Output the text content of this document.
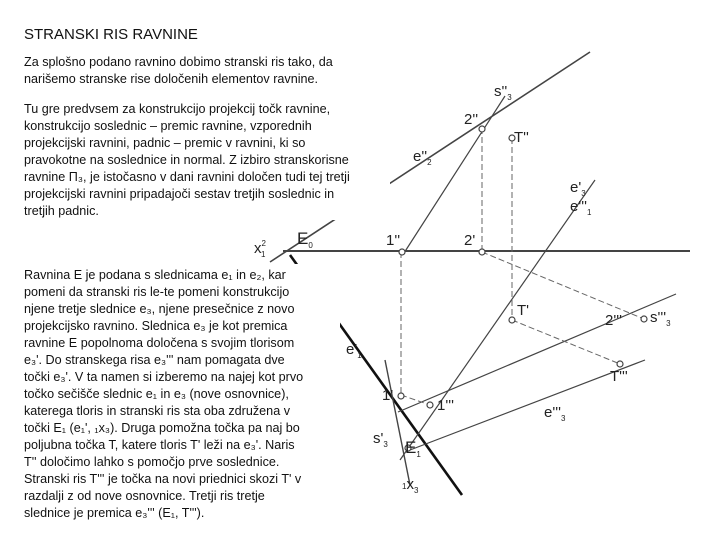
$s''_3$
2''
T''
$e''_2$
$e'_3$
$e'''_1$
$E_0$
$x^2$ 1
1''	2'
T'
2''' $s'''_3$
$e'_1$
T'''
1'
1'''	$e'''_3$
$s'_3$ $E_1$
$1x_3$
STRANSKI RIS RAVNINE
Za splošno podano ravnino dobimo stranski ris tako, da
narišemo stranske rise določenih elementov ravnine.
Tu gre predvsem za konstrukcijo projekcij točk ravnine,
konstrukcijo soslednic – premic ravnine, vzporednih
projekcijski ravnini, padnic – premic v ravnini, ki so
pravokotne na soslednice in normal. Z izbiro stranskorisne
ravnine Π₃, je istočasno v dani ravnini določen tudi tej tretji
projekcijski ravnini pripadajoči sestav tretjih soslednic in
tretjih padnic.
Ravnina E je podana s slednicama e₁ in e₂, kar
pomeni da stranski ris le-te pomeni konstrukcijo
njene tretje slednice e₃, njene presečnice z novo
projekcijsko ravnino. Slednica e₃ je kot premica
ravnine E popolnoma določena s svojim tlorisom
e₃'. Do stranskega risa e₃''' nam pomagata dve
točki e₃'. V ta namen si izberemo na najej kot prvo
točko sečišče slednic e₁ in e₃ (nove osnovnice),
katerega tloris in stranski ris sta oba združena v
točki E₁ (e₁', ₁x₃). Druga pomožna točka pa naj bo
poljubna točka T, katere tloris T' leži na e₃'. Naris
T'' določimo lahko s pomočjo prve soslednice.
Stranski ris T''' je točka na novi priednici skozi T' v
razdalji z od nove osnovnice. Tretji ris tretje
slednice je premica e₃''' (E₁, T''').
